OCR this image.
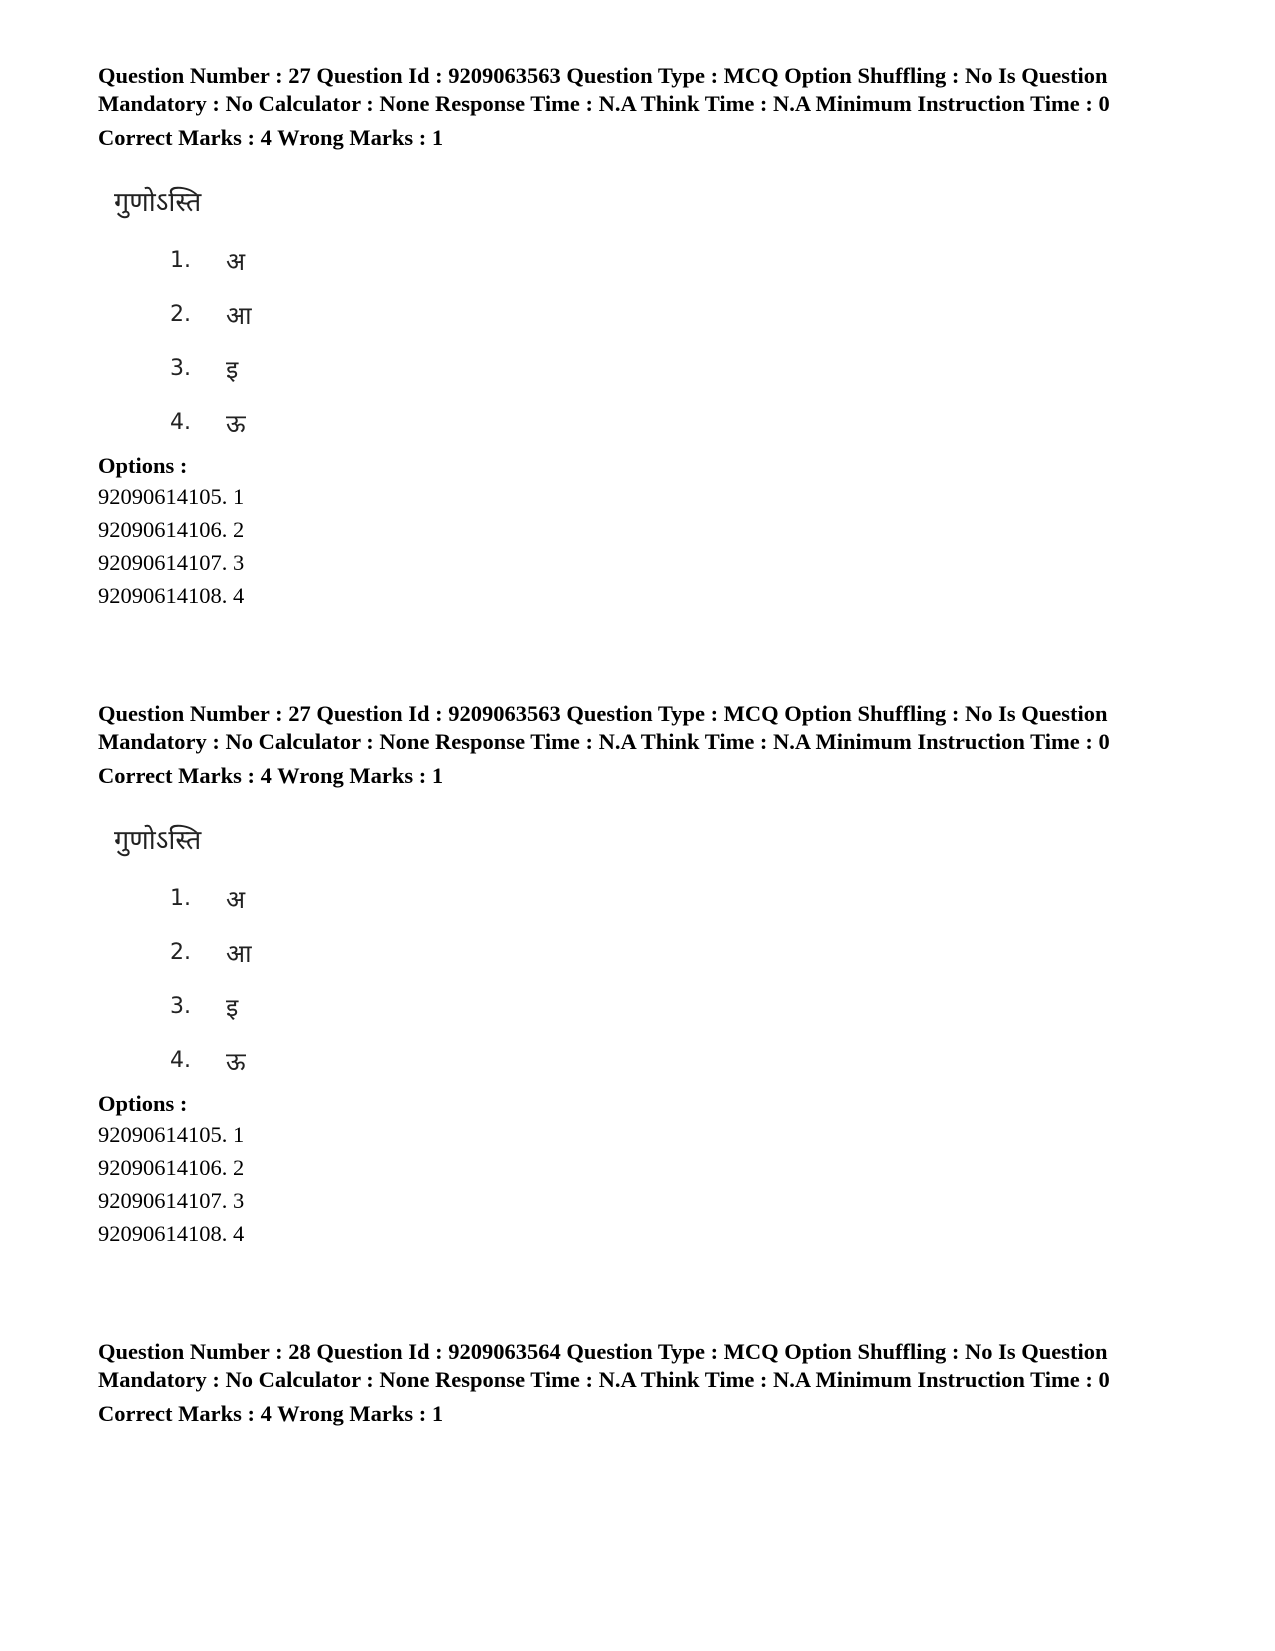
Question Number : 27 Question Id : 9209063563 Question Type : MCQ Option Shuffling : No Is Question Mandatory : No Calculator : None Response Time : N.A Think Time : N.A Minimum Instruction Time : 0

Correct Marks : 4 Wrong Marks : 1
गुणोऽस्ति
1.	अ
2.	आ
3.	इ
4.	ऊ
Options :
92090614105. 1
92090614106. 2
92090614107. 3
92090614108. 4

Question Number : 27 Question Id : 9209063563 Question Type : MCQ Option Shuffling : No Is Question Mandatory : No Calculator : None Response Time : N.A Think Time : N.A Minimum Instruction Time : 0

Correct Marks : 4 Wrong Marks : 1
गुणोऽस्ति
1.	अ
2.	आ
3.	इ
4.	ऊ
Options :
92090614105. 1
92090614106. 2
92090614107. 3
92090614108. 4

Question Number : 28 Question Id : 9209063564 Question Type : MCQ Option Shuffling : No Is Question Mandatory : No Calculator : None Response Time : N.A Think Time : N.A Minimum Instruction Time : 0

Correct Marks : 4 Wrong Marks : 1
